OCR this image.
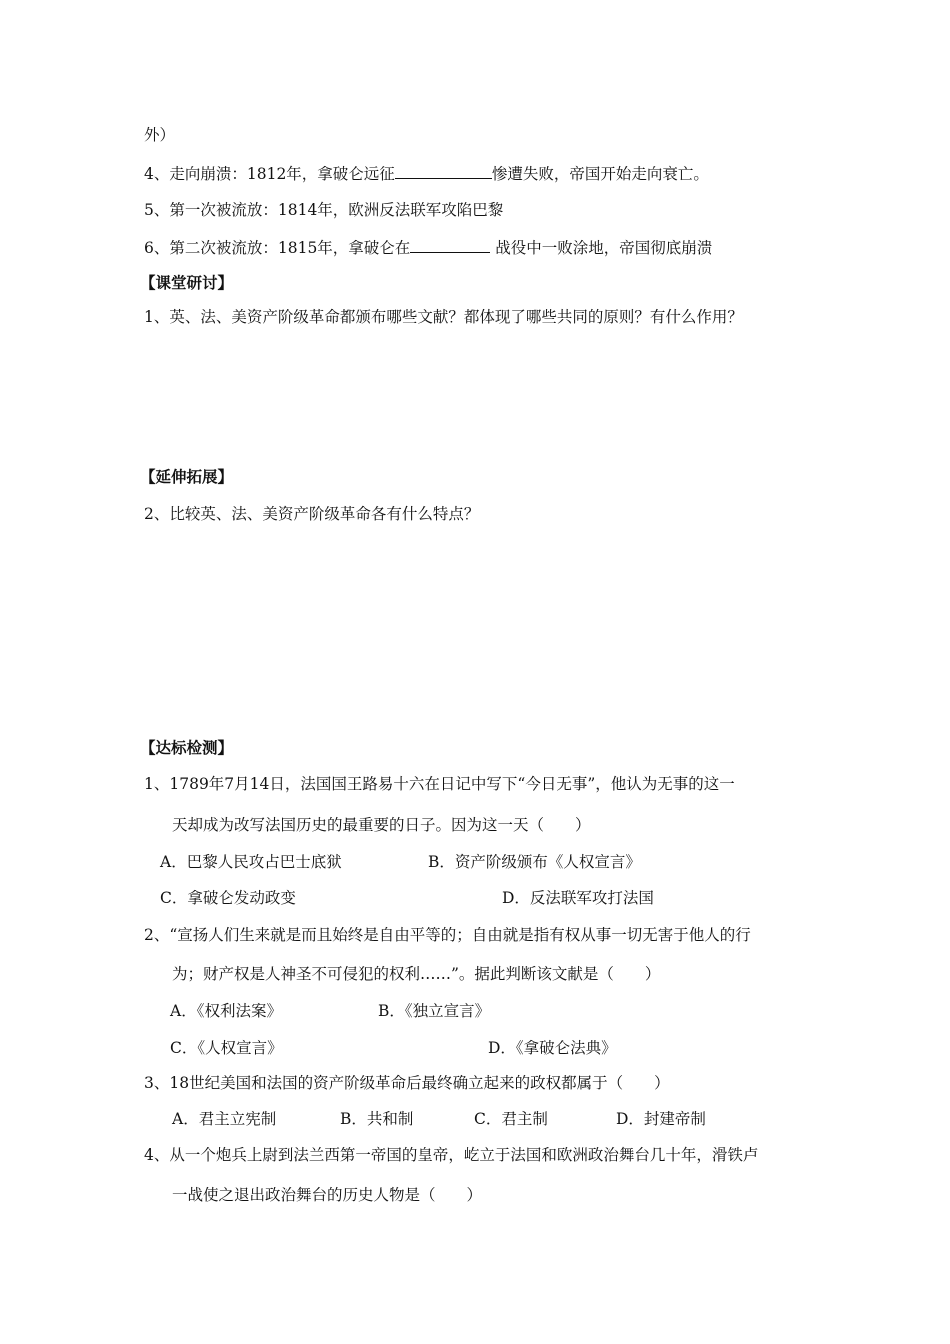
外）
4、走向崩溃：1812年，拿破仑远征	惨遭失败，帝国开始走向衰亡。
5、第一次被流放：1814年，欧洲反法联军攻陷巴黎
6、第二次被流放：1815年，拿破仑在	战役中一败涂地，帝国彻底崩溃
【课堂研讨】
1、英、法、美资产阶级革命都颁布哪些文献？都体现了哪些共同的原则？有什么作用？
【延伸拓展】
2、比较英、法、美资产阶级革命各有什么特点？
【达标检测】
1、1789年7月14日，法国国王路易十六在日记中写下“今日无事”，他认为无事的这一
天却成为改写法国历史的最重要的日子。因为这一天（　　）
A．巴黎人民攻占巴士底狱	B．资产阶级颁布《人权宣言》
C．拿破仑发动政变	D．反法联军攻打法国
2、“宣扬人们生来就是而且始终是自由平等的；自由就是指有权从事一切无害于他人的行
为；财产权是人神圣不可侵犯的权利……”。据此判断该文献是（　　）
A．《权利法案》	B．《独立宣言》
C．《人权宣言》	D．《拿破仑法典》
3、18世纪美国和法国的资产阶级革命后最终确立起来的政权都属于（　　）
A．君主立宪制	B．共和制	C．君主制	D．封建帝制
4、从一个炮兵上尉到法兰西第一帝国的皇帝，屹立于法国和欧洲政治舞台几十年，滑铁卢
一战使之退出政治舞台的历史人物是（　　）
